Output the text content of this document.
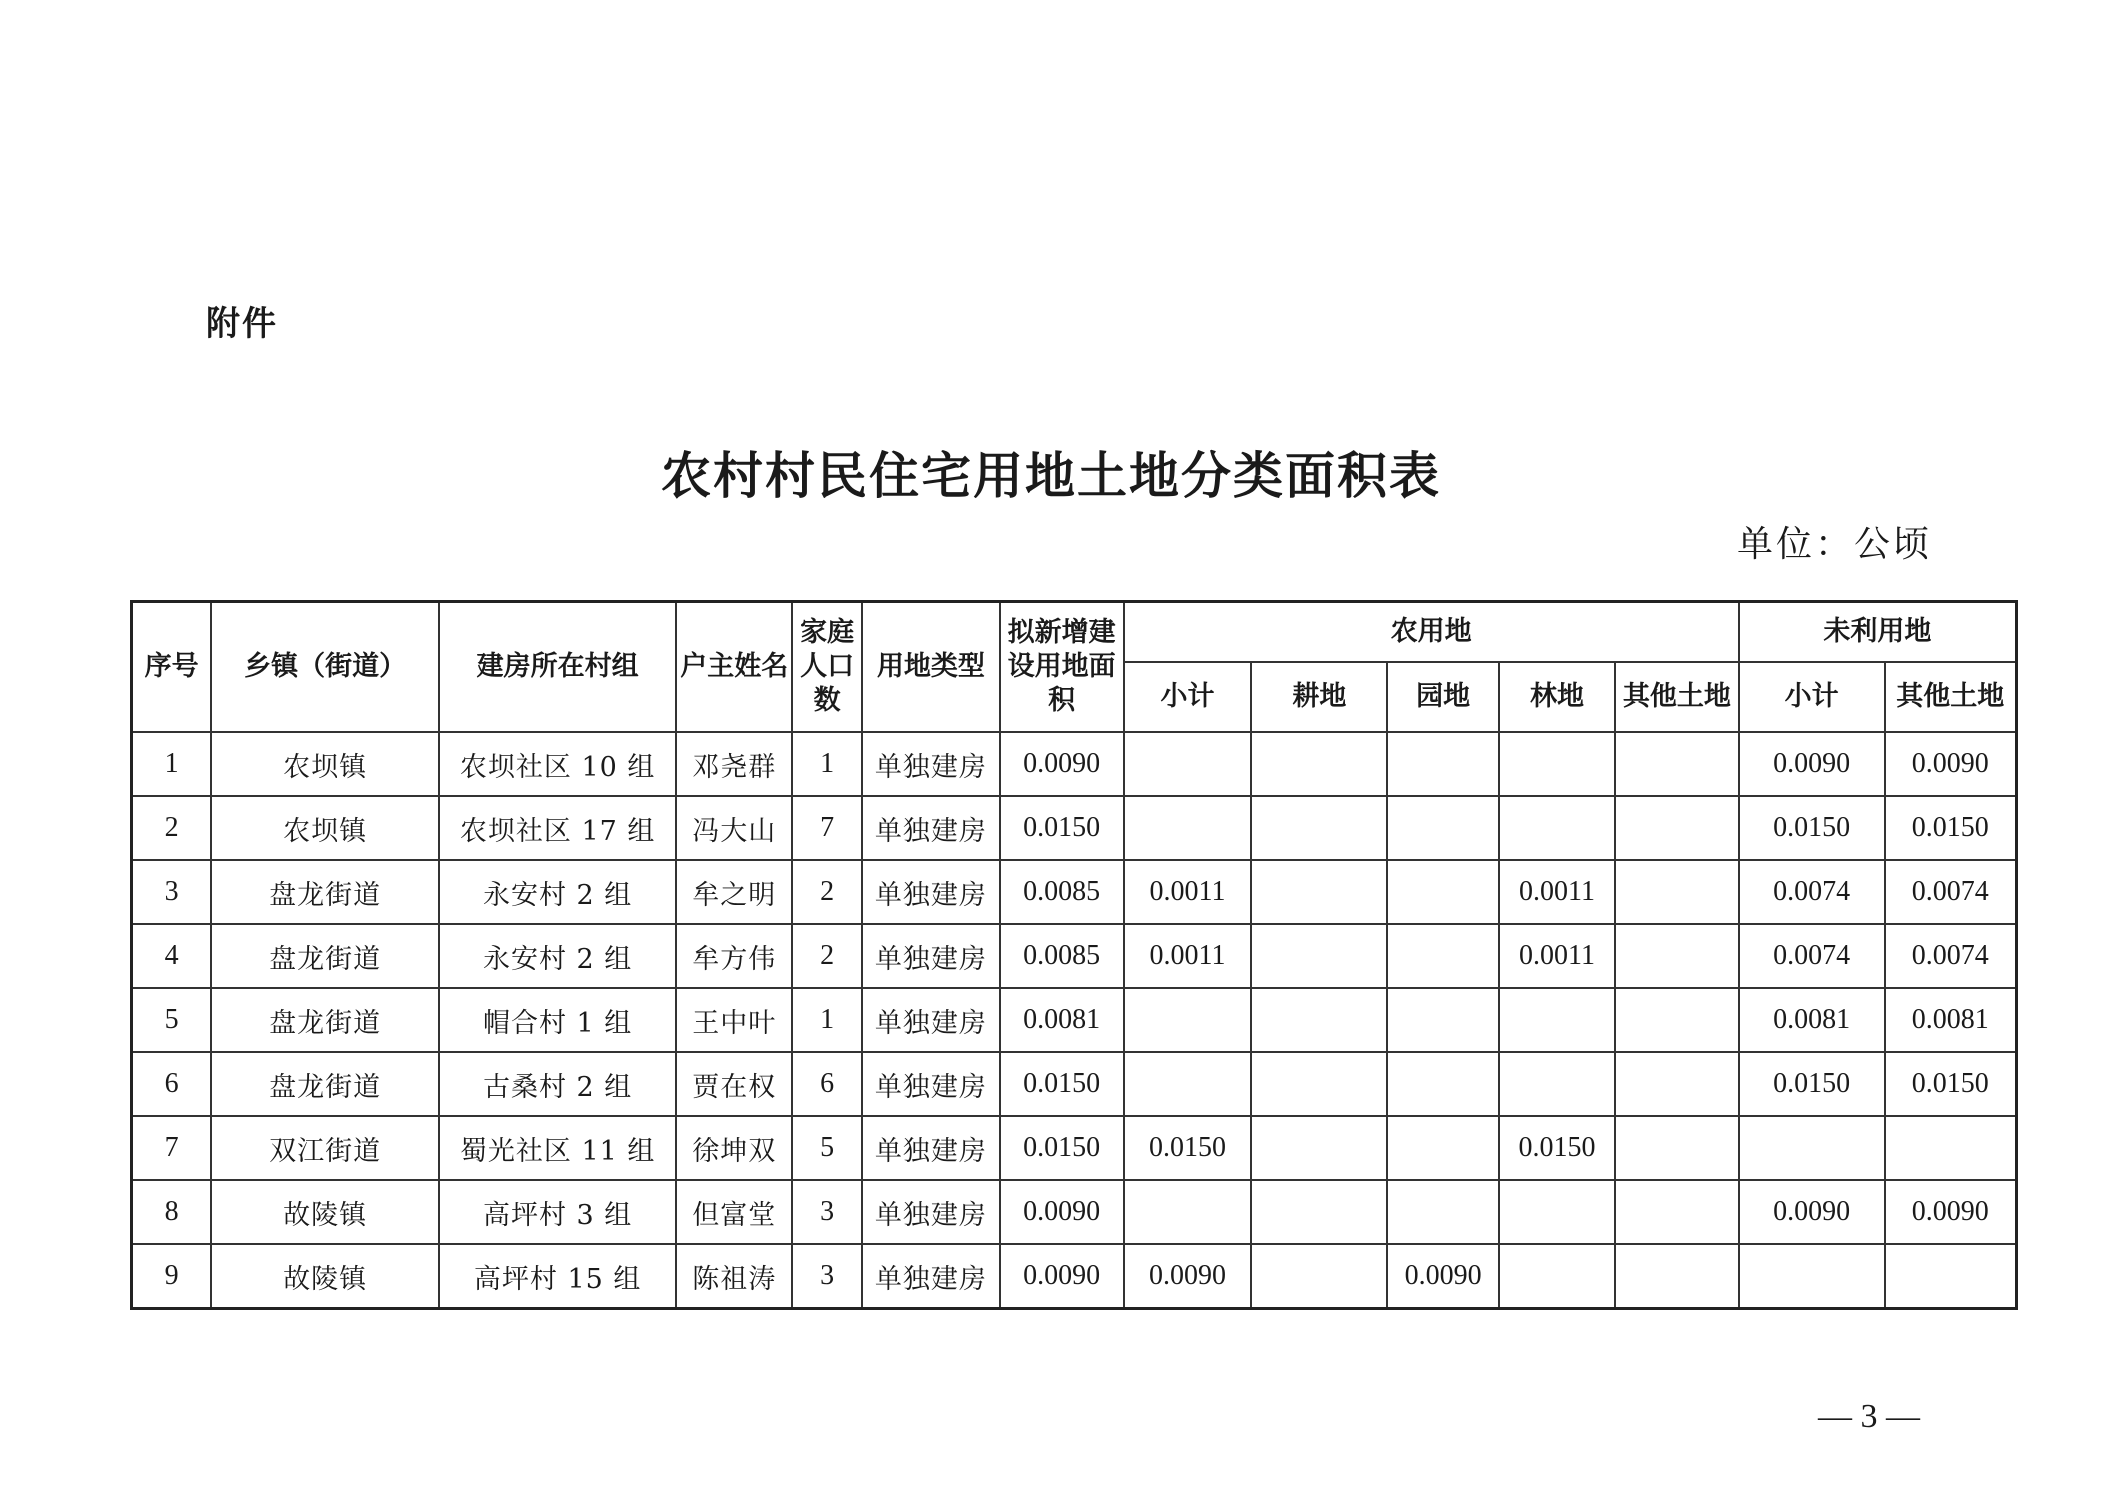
附件
农村村民住宅用地土地分类面积表
单位：公顷
序号	乡镇（街道）	建房所在村组	户主姓名	家庭人口数	用地类型	拟新增建设用地面积	农用地					未利用地	
							小计	耕地	园地	林地	其他土地	小计	其他土地
1	农坝镇	农坝社区 10 组	邓尧群	1	单独建房	0.0090						0.0090	0.0090
2	农坝镇	农坝社区 17 组	冯大山	7	单独建房	0.0150						0.0150	0.0150
3	盘龙街道	永安村 2 组	牟之明	2	单独建房	0.0085	0.0011			0.0011		0.0074	0.0074
4	盘龙街道	永安村 2 组	牟方伟	2	单独建房	0.0085	0.0011			0.0011		0.0074	0.0074
5	盘龙街道	帽合村 1 组	王中叶	1	单独建房	0.0081						0.0081	0.0081
6	盘龙街道	古桑村 2 组	贾在权	6	单独建房	0.0150						0.0150	0.0150
7	双江街道	蜀光社区 11 组	徐坤双	5	单独建房	0.0150	0.0150			0.0150			
8	故陵镇	高坪村 3 组	但富堂	3	单独建房	0.0090						0.0090	0.0090
9	故陵镇	高坪村 15 组	陈祖涛	3	单独建房	0.0090	0.0090		0.0090				
— 3 —
